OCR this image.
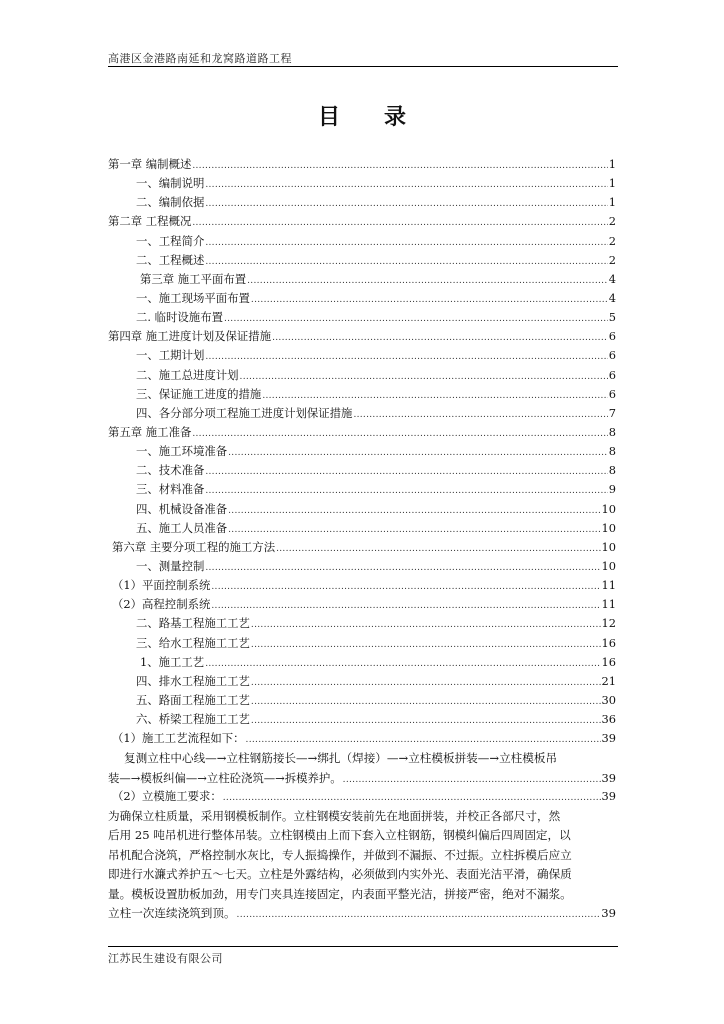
高港区金港路南延和龙窝路道路工程
目录
第一章 编制概述 .....	1
一、编制说明 .....	1
二、编制依据 .....	1
第二章 工程概况 .....	2
一、工程简介 .....	2
二、工程概述 .....	2
第三章 施工平面布置 .....	4
一、施工现场平面布置 .....	4
二. 临时设施布置 .....	5
第四章 施工进度计划及保证措施 .....	6
一、工期计划 .....	6
二、施工总进度计划 .....	6
三、保证施工进度的措施 .....	6
四、各分部分项工程施工进度计划保证措施 .....	7
第五章 施工准备 .....	8
一、施工环境准备 .....	8
二、技术准备 .....	8
三、材料准备 .....	9
四、机械设备准备 .....	10
五、施工人员准备 .....	10
第六章 主要分项工程的施工方法 .....	10
一、测量控制 .....	10
（1）平面控制系统 .....	11
（2）高程控制系统 .....	11
二、路基工程施工工艺 .....	12
三、给水工程施工工艺 .....	16
1、施工工艺 .....	16
四、排水工程施工工艺 .....	21
五、路面工程施工工艺 .....	30
六、桥梁工程施工工艺 .....	36
（1）施工工艺流程如下： .....	39
复测立柱中心线—→立柱钢筋接长—→绑扎（焊接）—→立柱模板拼装—→立柱模板吊
装—→模板纠偏—→立柱砼浇筑—→拆模养护。 .....	39
（2）立模施工要求： .....	39
为确保立柱质量，采用钢模板制作。立柱钢模安装前先在地面拼装，并校正各部尺寸，然
后用 25 吨吊机进行整体吊装。立柱钢模由上而下套入立柱钢筋，钢模纠偏后四周固定，以
吊机配合浇筑，严格控制水灰比，专人振捣操作，并做到不漏振、不过振。立柱拆模后应立
即进行水濂式养护五～七天。立柱是外露结构，必须做到内实外光、表面光洁平滑，确保质
量。模板设置肋板加劲，用专门夹具连接固定，内表面平整光洁，拼接严密，绝对不漏浆。
立柱一次连续浇筑到顶。 .....	39
江苏民生建设有限公司
